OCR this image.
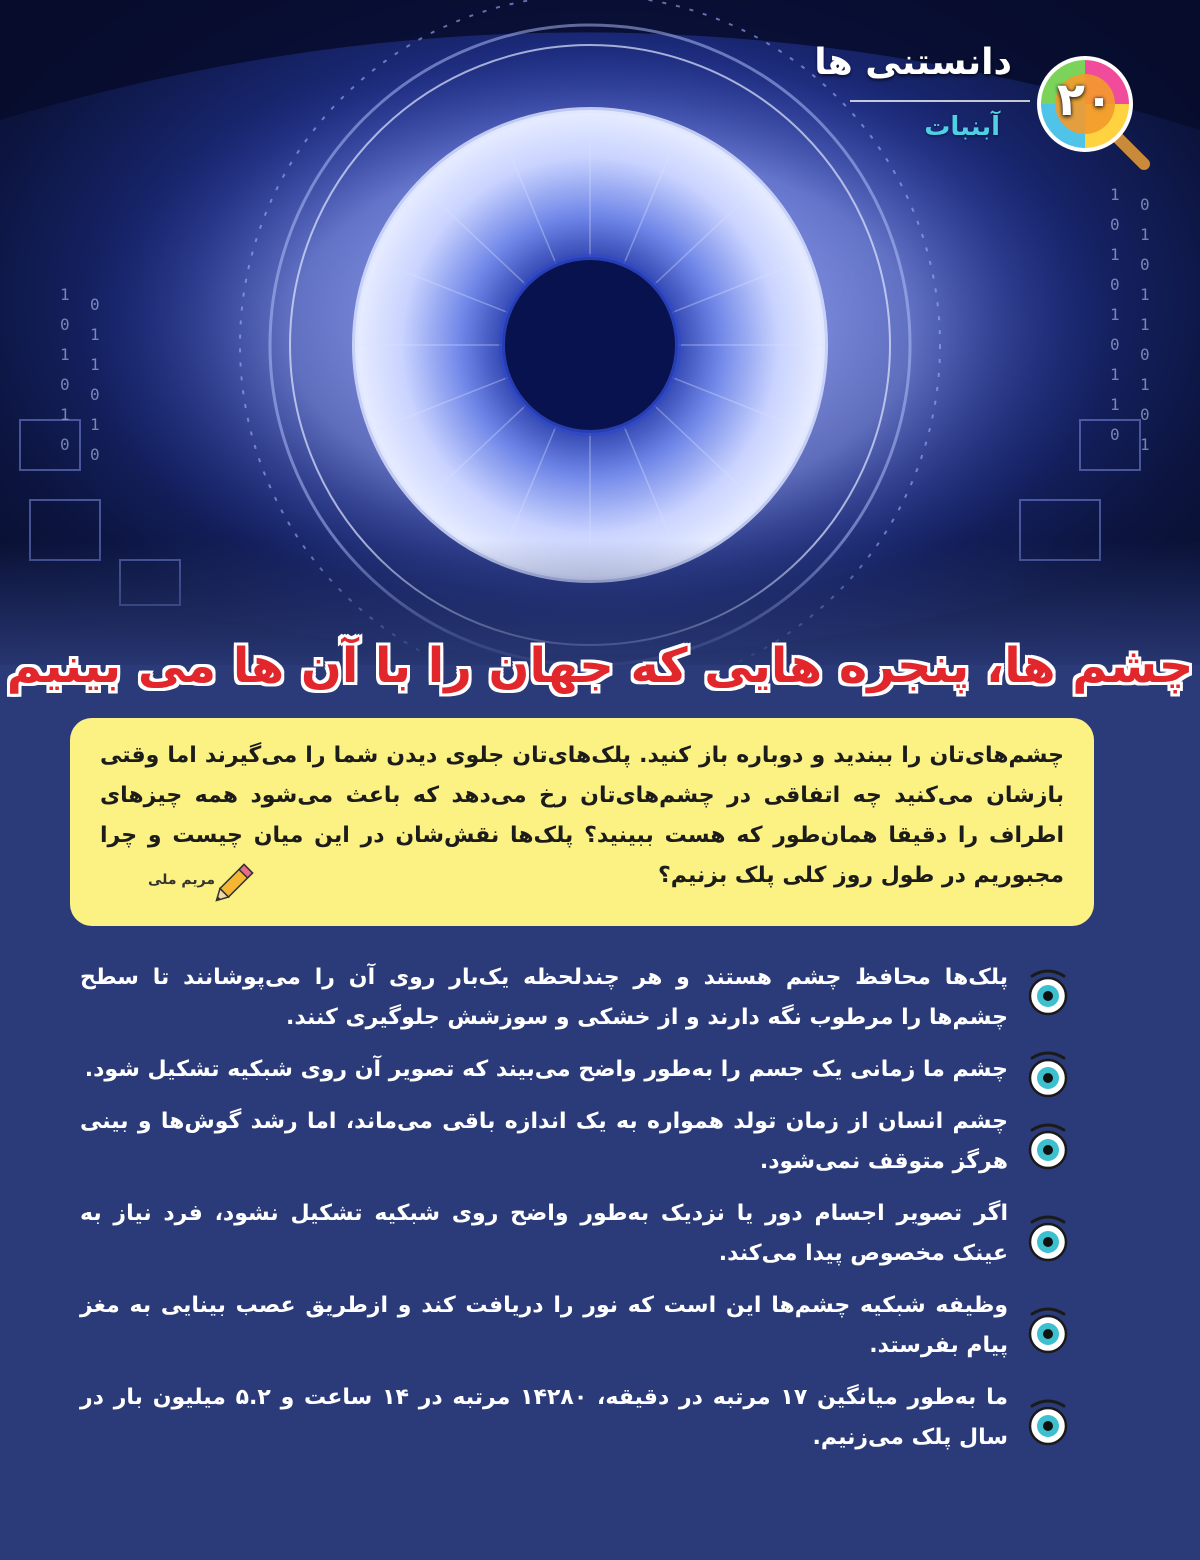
1
0
1
0
1
0
1
1
0
0
1
0
1
1
0
1
0
1
1
0
1
0
1
0
0
1
1
0
1
0
دانستنی ها
آبنبات
۲۰
چشم ها، پنجره هایی که جهان را با آن ها می بینیم
چشم‌های‌تان را ببندید و دوباره باز کنید. پلک‌های‌تان جلوی دیدن شما را می‌گیرند اما وقتی بازشان می‌کنید چه اتفاقی در چشم‌های‌تان رخ می‌دهد که باعث می‌شود همه چیزهای اطراف را دقیقا همان‌طور که هست ببینید؟ پلک‌ها نقش‌شان در این میان چیست و چرا مجبوریم در طول روز کلی پلک بزنیم؟
مریم ملی
پلک‌ها محافظ چشم هستند و هر چندلحظه یک‌بار روی آن را می‌پوشانند تا سطح چشم‌ها را مرطوب نگه دارند و از خشکی و سوزشش جلوگیری کنند.
چشم ما زمانی یک جسم را به‌طور واضح می‌بیند که تصویر آن روی شبکیه تشکیل شود.
چشم انسان از زمان تولد همواره به یک اندازه باقی می‌ماند، اما رشد گوش‌ها و بینی هرگز متوقف نمی‌شود.
اگر تصویر اجسام دور یا نزدیک به‌طور واضح روی شبکیه تشکیل نشود، فرد نیاز به عینک مخصوص پیدا می‌کند.
وظیفه شبکیه چشم‌ها این است که نور را دریافت کند و ازطریق عصب بینایی به مغز پیام بفرستد.
ما به‌طور میانگین ۱۷ مرتبه در دقیقه، ۱۴۲۸۰ مرتبه در ۱۴ ساعت و ۵.۲ میلیون بار در سال پلک می‌زنیم.
